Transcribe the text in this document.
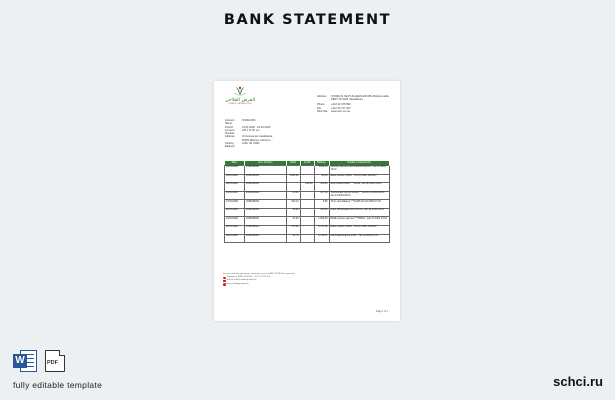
BANK STATEMENT
القرض الفلاحي
CRÉDIT AGRICOLE
Address	STORE 01 NEXT ALAESS ESTATE Mohammedia
PERT 15 SARI Casablanca
Phone	+212 22 475 890
Fax	+212 22 277 627
Web Site	www.cam.co.ma
Account Name:
SONIA RIM
Period:	01.01.2020 - 01.02.2020
Account Number:
231 171 00 xxx
Address:	32 Avenue de Casablanca,
50350 Meknes, Morocco
Closing Balance:
1092, 06, MAD
Date	Acct. Number	Debit	Credit	Balance	Details of transactions
02/01/2020	2345648001			1092.06	Monthly payment and interest Deposit - Jan 01 2020 10:13
03/01/2020	2345648001	1000.00		92.06	Bank transfer 1PMU - Tax ID 2020 1123467
08/01/2020	2345648001		100.00	192.06	BRA TELECOMM. ***12346, Jan 08 2020 09:03
13/01/2020	2345648001	65.00		127.06	TRANSFER FROM CARD ***12345 12345678912 - Jan 13 2020 09:03
17/01/2020	2345648001	400.13		0.36	Trf to card balance ***12345 Tax ID 2020 07-03
20/01/2020	2345648001	40.00		760.06	Cash Withdrawal from ATM 01, Jan 20 2020 10:24
21/01/2020	2345648001	21.00		1,260.06	Mobile phone payment ***65432 - Jan 21 2020 13:23
26/01/2020	2345648001	375.00		1,731.06	Bank transfer 1PMU - Tax ID 2020 1129467
30/01/2020	2345648001	21.70		1,709.07	Card Maintenance 1CAT - Tax ID 2020 11:15
Si vous avez des questions, contactez nous au 0800 78 99 00 ou par mail
Telephone: 0800 78 99 00 / +212 22 479 110
E-mail: info@creditagricole.ma
www.creditagricole.ma
Page 1 of 1
W	PDF
fully editable template	schci.ru
